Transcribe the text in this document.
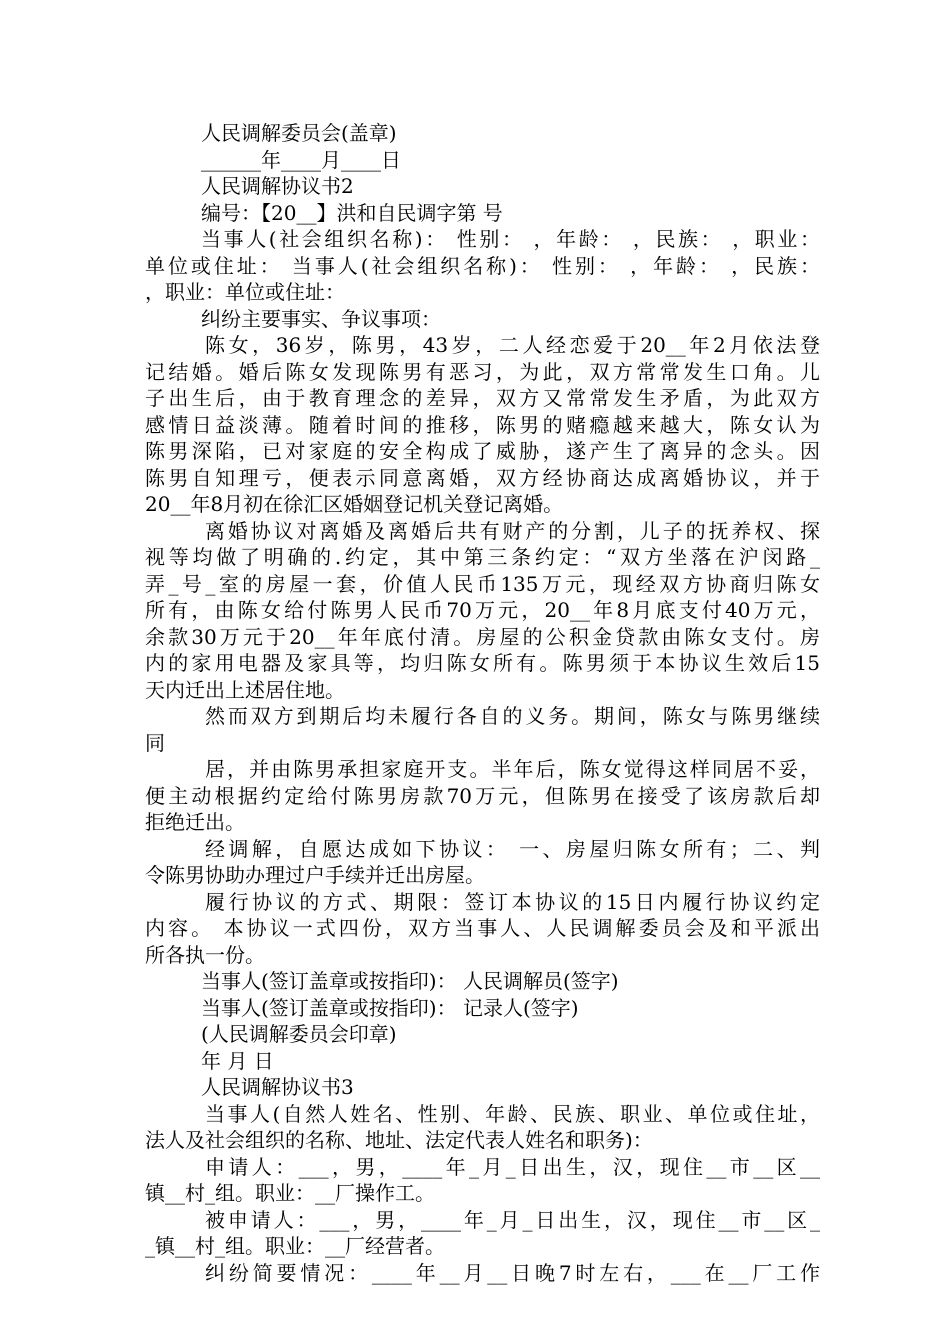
人民调解委员会(盖章)
______年____月____日
人民调解协议书2
编号：【20__】洪和自民调字第 号
当事人(社会组织名称)： 性别： ，年龄： ，民族： ，职业：
单位或住址： 当事人(社会组织名称)： 性别： ，年龄： ，民族：
，职业：单位或住址：
纠纷主要事实、争议事项：
陈女，36岁，陈男，43岁，二人经恋爱于20__年2月依法登
记结婚。婚后陈女发现陈男有恶习，为此，双方常常发生口角。儿
子出生后，由于教育理念的差异，双方又常常发生矛盾，为此双方
感情日益淡薄。随着时间的推移，陈男的赌瘾越来越大，陈女认为
陈男深陷，已对家庭的安全构成了威胁，遂产生了离异的念头。因
陈男自知理亏，便表示同意离婚，双方经协商达成离婚协议，并于
20__年8月初在徐汇区婚姻登记机关登记离婚。
离婚协议对离婚及离婚后共有财产的分割，儿子的抚养权、探
视等均做了明确的.约定，其中第三条约定：“双方坐落在沪闵路_
弄_号_室的房屋一套，价值人民币135万元，现经双方协商归陈女
所有，由陈女给付陈男人民币70万元，20__年8月底支付40万元，
余款30万元于20__年年底付清。房屋的公积金贷款由陈女支付。房
内的家用电器及家具等，均归陈女所有。陈男须于本协议生效后15
天内迁出上述居住地。
然而双方到期后均未履行各自的义务。期间，陈女与陈男继续
同
居，并由陈男承担家庭开支。半年后，陈女觉得这样同居不妥，
便主动根据约定给付陈男房款70万元，但陈男在接受了该房款后却
拒绝迁出。
经调解，自愿达成如下协议： 一、房屋归陈女所有；二、判
令陈男协助办理过户手续并迁出房屋。
履行协议的方式、期限：签订本协议的15日内履行协议约定
内容。 本协议一式四份，双方当事人、人民调解委员会及和平派出
所各执一份。
当事人(签订盖章或按指印)： 人民调解员(签字)
当事人(签订盖章或按指印)： 记录人(签字)
(人民调解委员会印章)
年 月 日
人民调解协议书3
当事人(自然人姓名、性别、年龄、民族、职业、单位或住址，
法人及社会组织的名称、地址、法定代表人姓名和职务)：
申请人：___，男，____年_月_日出生，汉，现住__市__区__
镇__村_组。职业：__厂操作工。
被申请人：___，男，____年_月_日出生，汉，现住__市__区_
_镇__村_组。职业：__厂经营者。
纠纷简要情况：____年__月__日晚7时左右，___在__厂工作
